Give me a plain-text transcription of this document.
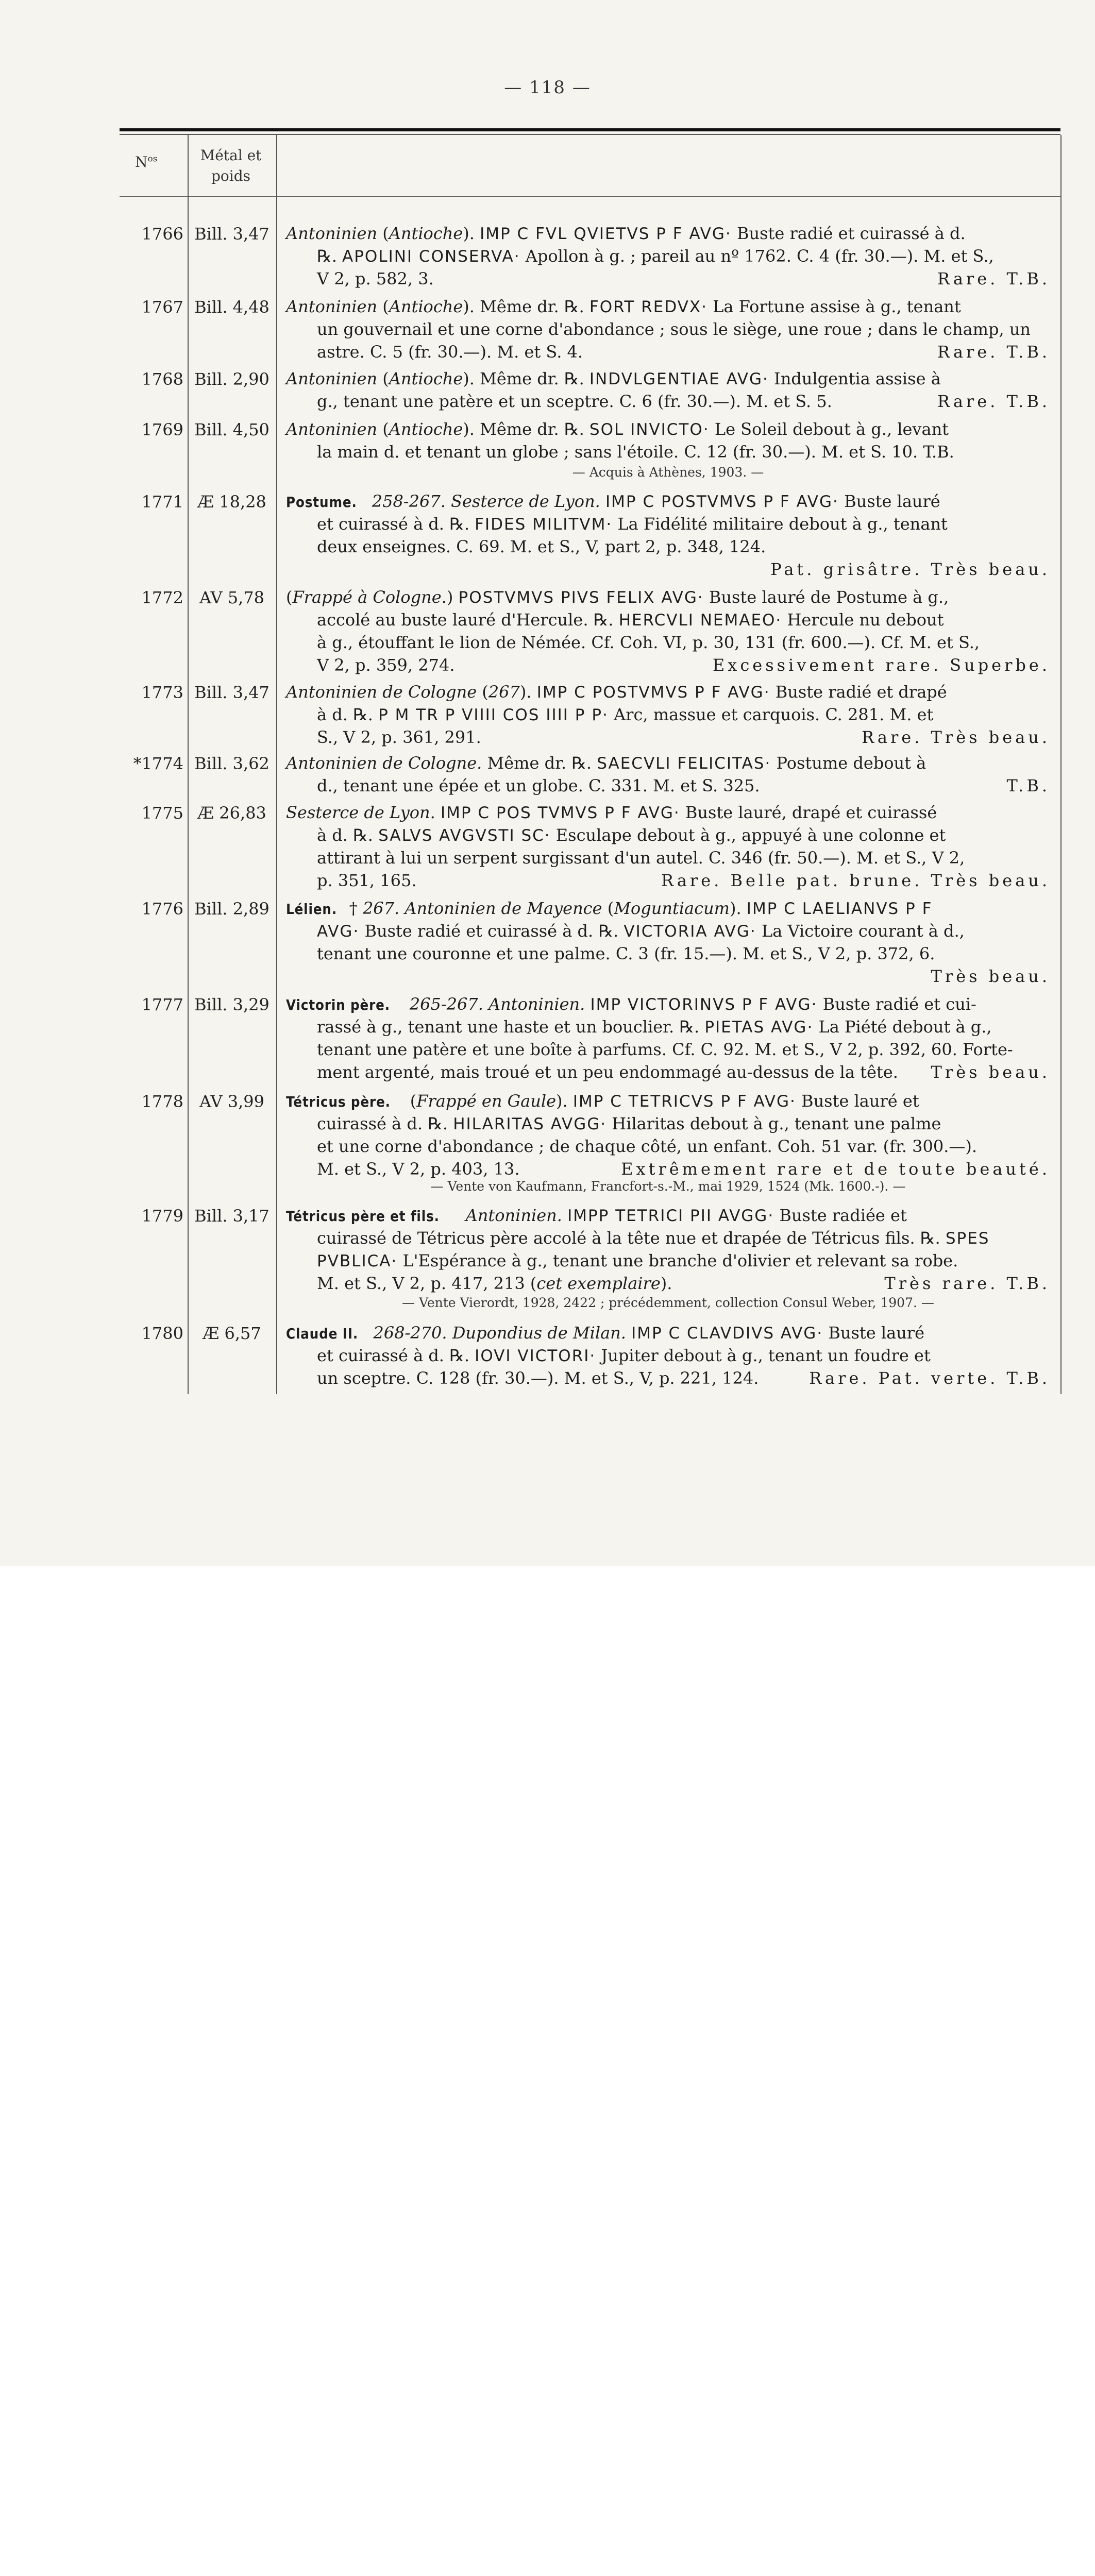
— 118 —
$N^{os}$	Métal et
poids
1766 Bill. 3,47 Antoninien (Antioche). IMP C FVL QVIETVS P F AVG· Buste radié et cuirassé à d.
℞. APOLINI CONSERVA· Apollon à g. ; pareil au nº 1762. C. 4 (fr. 30.—). M. et S.,
V 2, p. 582, 3.	Rare. T.B.
1767 Bill. 4,48 Antoninien (Antioche). Même dr. ℞. FORT REDVX· La Fortune assise à g., tenant
un gouvernail et une corne d'abondance ; sous le siège, une roue ; dans le champ, un
astre. C. 5 (fr. 30.—). M. et S. 4.	Rare. T.B.
1768 Bill. 2,90 Antoninien (Antioche). Même dr. ℞. INDVLGENTIAE AVG· Indulgentia assise à
g., tenant une patère et un sceptre. C. 6 (fr. 30.—). M. et S. 5.	Rare. T.B.
1769 Bill. 4,50 Antoninien (Antioche). Même dr. ℞. SOL INVICTO· Le Soleil debout à g., levant
la main d. et tenant un globe ; sans l'étoile. C. 12 (fr. 30.—). M. et S. 10. T.B.
— Acquis à Athènes, 1903. —
1771 Æ 18,28	Postume. 258-267. Sesterce de Lyon. IMP C POSTVMVS P F AVG· Buste lauré
et cuirassé à d. ℞. FIDES MILITVM· La Fidélité militaire debout à g., tenant
deux enseignes. C. 69. M. et S., V, part 2, p. 348, 124.
Pat. grisâtre. Très beau.
1772 AV 5,78	(Frappé à Cologne.) POSTVMVS PIVS FELIX AVG· Buste lauré de Postume à g.,
accolé au buste lauré d'Hercule. ℞. HERCVLI NEMAEO· Hercule nu debout
à g., étouffant le lion de Némée. Cf. Coh. VI, p. 30, 131 (fr. 600.—). Cf. M. et S.,
V 2, p. 359, 274.	Excessivement rare. Superbe.
1773 Bill. 3,47 Antoninien de Cologne (267). IMP C POSTVMVS P F AVG· Buste radié et drapé
à d. ℞. P M TR P VIIII COS IIII P P· Arc, massue et carquois. C. 281. M. et
S., V 2, p. 361, 291.	Rare. Très beau.
*1774 Bill. 3,62 Antoninien de Cologne. Même dr. ℞. SAECVLI FELICITAS· Postume debout à
d., tenant une épée et un globe. C. 331. M. et S. 325.	T.B.
1775 Æ 26,83	Sesterce de Lyon. IMP C POS TVMVS P F AVG· Buste lauré, drapé et cuirassé
à d. ℞. SALVS AVGVSTI SC· Esculape debout à g., appuyé à une colonne et
attirant à lui un serpent surgissant d'un autel. C. 346 (fr. 50.—). M. et S., V 2,
p. 351, 165.	Rare. Belle pat. brune. Très beau.
1776 Bill. 2,89 Lélien. † 267. Antoninien de Mayence (Moguntiacum). IMP C LAELIANVS P F
AVG· Buste radié et cuirassé à d. ℞. VICTORIA AVG· La Victoire courant à d.,
tenant une couronne et une palme. C. 3 (fr. 15.—). M. et S., V 2, p. 372, 6.
Très beau.
1777 Bill. 3,29 Victorin père. 265-267. Antoninien. IMP VICTORINVS P F AVG· Buste radié et cui-
rassé à g., tenant une haste et un bouclier. ℞. PIETAS AVG· La Piété debout à g.,
tenant une patère et une boîte à parfums. Cf. C. 92. M. et S., V 2, p. 392, 60. Forte-
ment argenté, mais troué et un peu endommagé au-dessus de la tête. Très beau.
1778 AV 3,99	Tétricus père. (Frappé en Gaule). IMP C TETRICVS P F AVG· Buste lauré et
cuirassé à d. ℞. HILARITAS AVGG· Hilaritas debout à g., tenant une palme
et une corne d'abondance ; de chaque côté, un enfant. Coh. 51 var. (fr. 300.—).
M. et S., V 2, p. 403, 13.	Extrêmement rare et de toute beauté.
— Vente von Kaufmann, Francfort-s.-M., mai 1929, 1524 (Mk. 1600.-). —
1779 Bill. 3,17 Tétricus père et fils. Antoninien. IMPP TETRICI PII AVGG· Buste radiée et
cuirassé de Tétricus père accolé à la tête nue et drapée de Tétricus fils. ℞. SPES
PVBLICA· L'Espérance à g., tenant une branche d'olivier et relevant sa robe.
M. et S., V 2, p. 417, 213 (cet exemplaire).	Très rare. T.B.
— Vente Vierordt, 1928, 2422 ; précédemment, collection Consul Weber, 1907. —
1780	Æ 6,57	Claude II. 268-270. Dupondius de Milan. IMP C CLAVDIVS AVG· Buste lauré
et cuirassé à d. ℞. IOVI VICTORI· Jupiter debout à g., tenant un foudre et
un sceptre. C. 128 (fr. 30.—). M. et S., V, p. 221, 124.	Rare. Pat. verte. T.B.
